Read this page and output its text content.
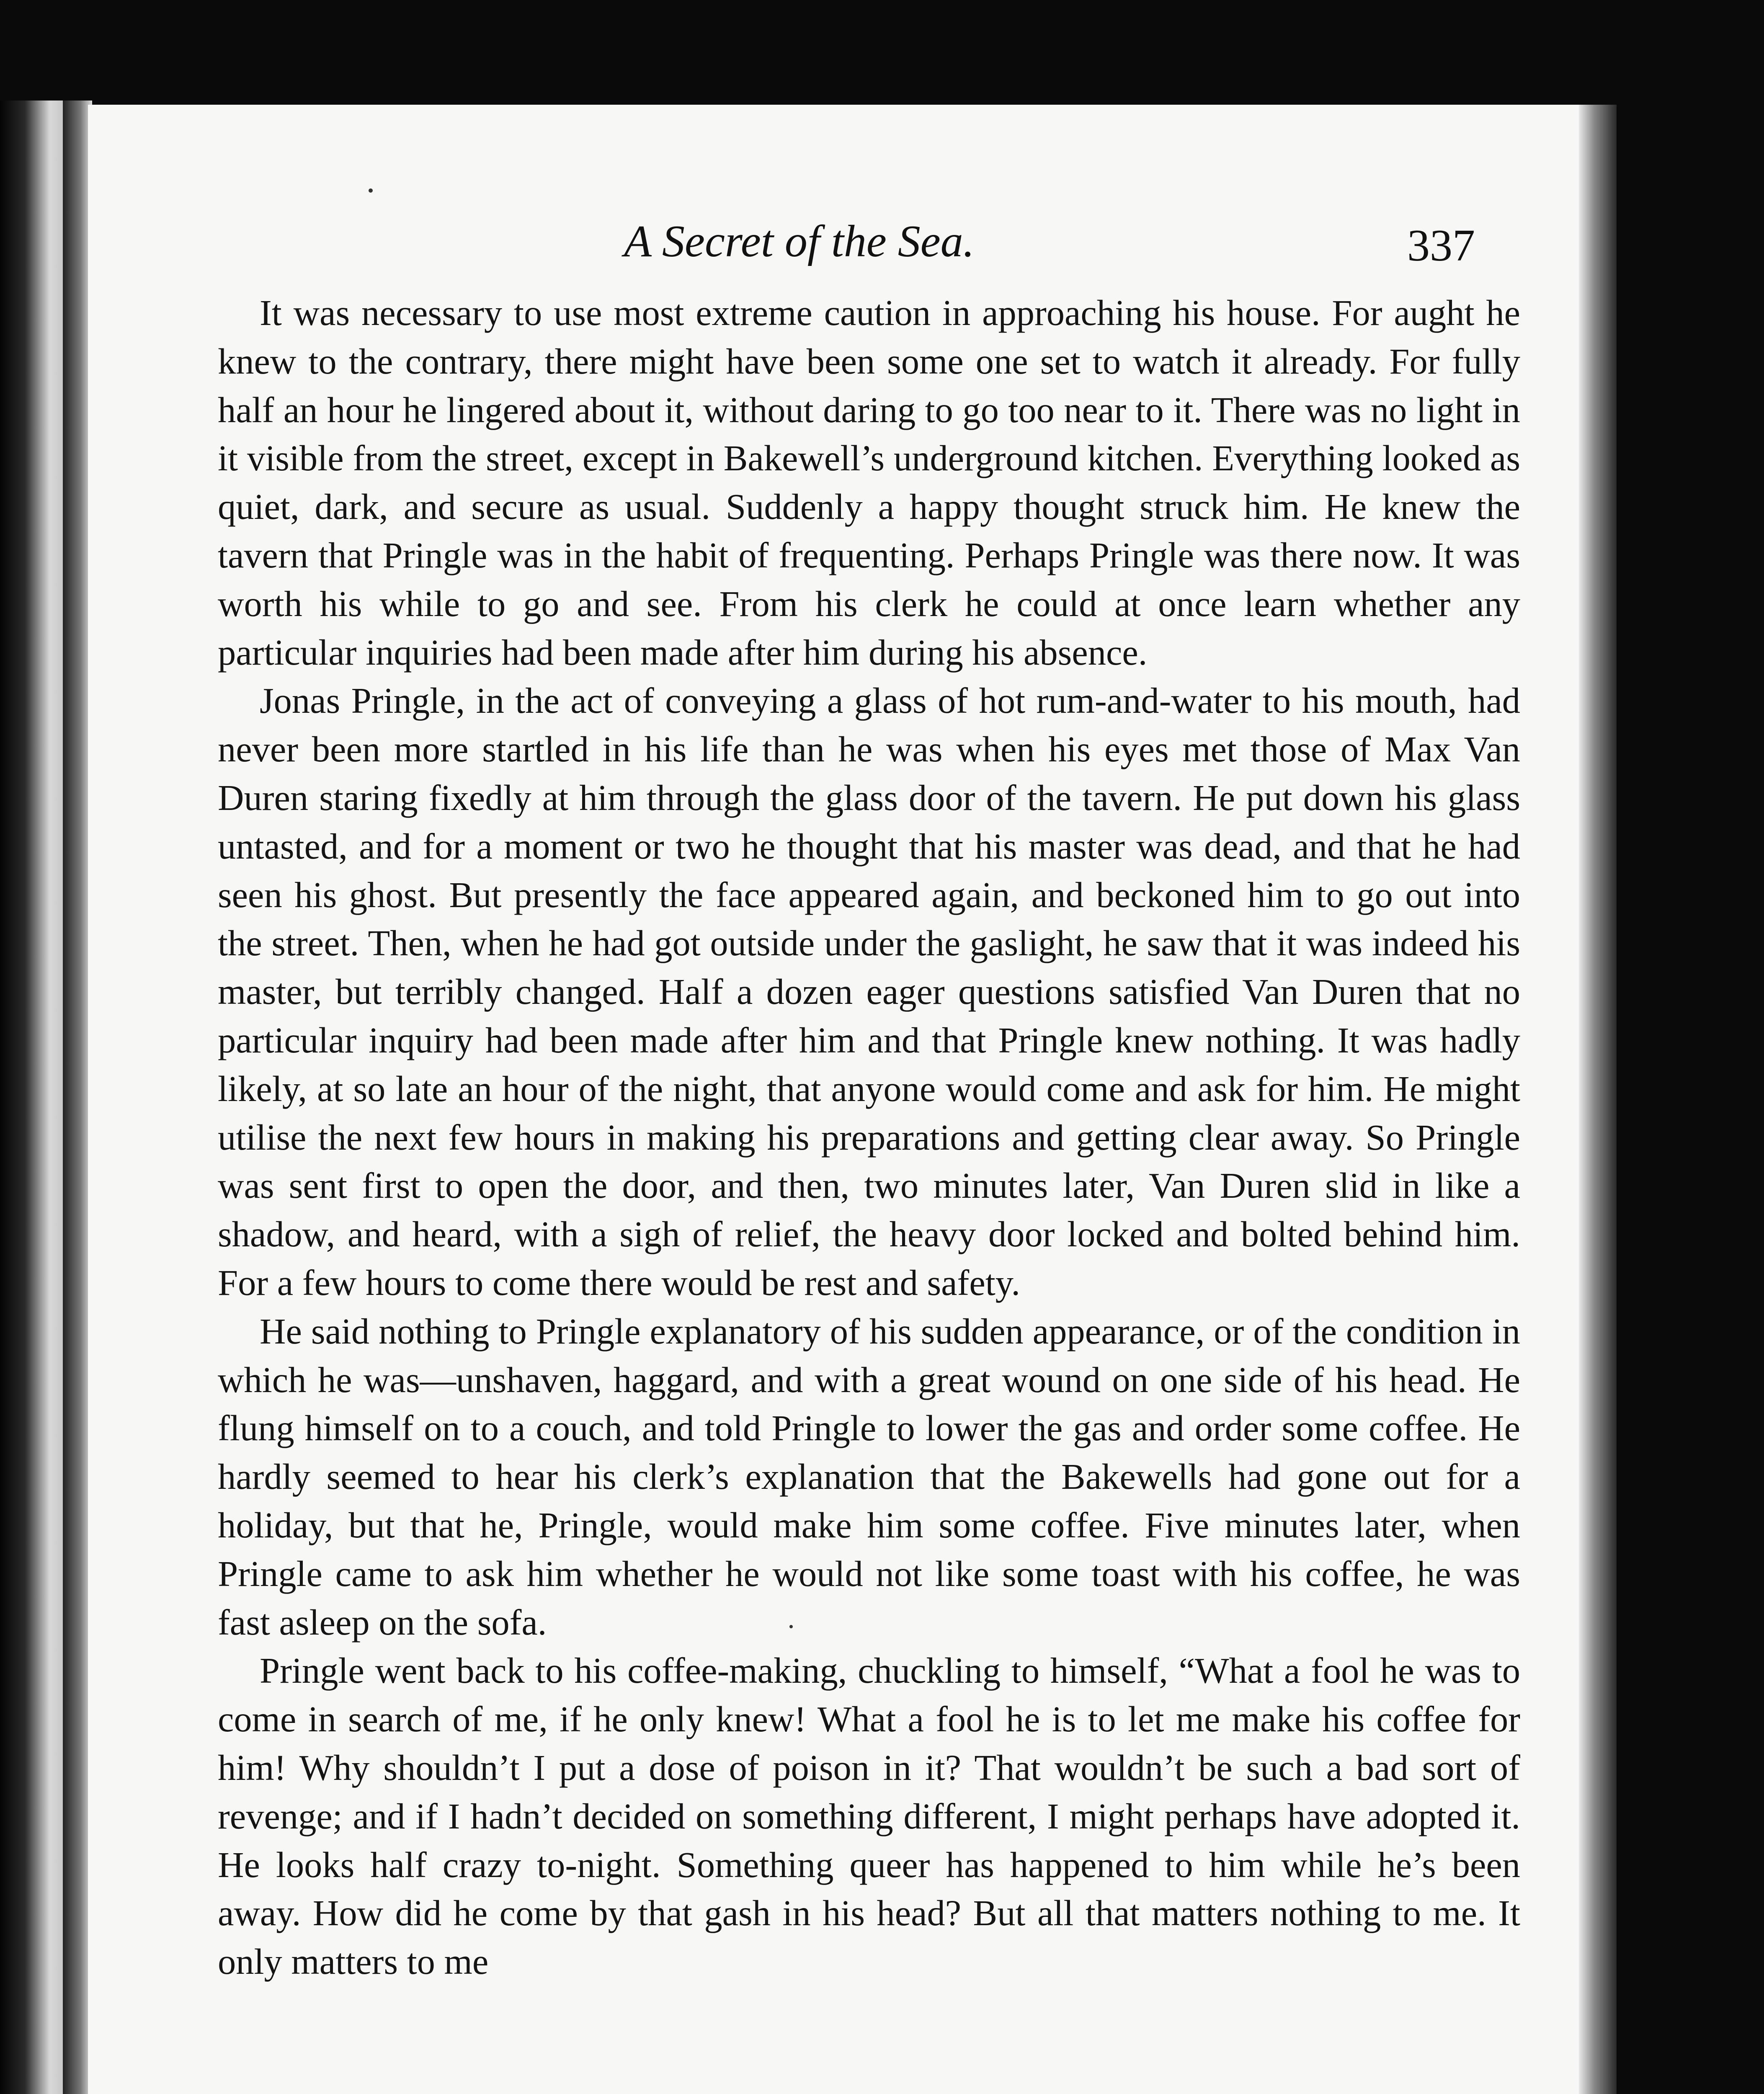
A Secret of the Sea.	337

It was necessary to use most extreme caution in approaching his house. For aught he knew to the contrary, there might have been some one set to watch it already. For fully half an hour he lingered about it, without daring to go too near to it. There was no light in it visible from the street, except in Bakewell’s underground kitchen. Everything looked as quiet, dark, and secure as usual. Suddenly a happy thought struck him. He knew the tavern that Pringle was in the habit of frequenting. Perhaps Pringle was there now. It was worth his while to go and see. From his clerk he could at once learn whether any particular inquiries had been made after him during his absence.

Jonas Pringle, in the act of conveying a glass of hot rum-and-water to his mouth, had never been more startled in his life than he was when his eyes met those of Max Van Duren staring fixedly at him through the glass door of the tavern. He put down his glass untasted, and for a moment or two he thought that his master was dead, and that he had seen his ghost. But presently the face appeared again, and beckoned him to go out into the street. Then, when he had got outside under the gaslight, he saw that it was indeed his master, but terribly changed. Half a dozen eager questions satisfied Van Duren that no particular inquiry had been made after him and that Pringle knew nothing. It was hadly likely, at so late an hour of the night, that anyone would come and ask for him. He might utilise the next few hours in making his preparations and getting clear away. So Pringle was sent first to open the door, and then, two minutes later, Van Duren slid in like a shadow, and heard, with a sigh of relief, the heavy door locked and bolted behind him. For a few hours to come there would be rest and safety.

He said nothing to Pringle explanatory of his sudden appearance, or of the condition in which he was—unshaven, haggard, and with a great wound on one side of his head. He flung himself on to a couch, and told Pringle to lower the gas and order some coffee. He hardly seemed to hear his clerk’s explanation that the Bakewells had gone out for a holiday, but that he, Pringle, would make him some coffee. Five minutes later, when Pringle came to ask him whether he would not like some toast with his coffee, he was fast asleep on the sofa.

Pringle went back to his coffee-making, chuckling to himself, “What a fool he was to come in search of me, if he only knew! What a fool he is to let me make his coffee for him! Why shouldn’t I put a dose of poison in it? That wouldn’t be such a bad sort of revenge; and if I hadn’t decided on something different, I might perhaps have adopted it. He looks half crazy to-night. Something queer has happened to him while he’s been away. How did he come by that gash in his head? But all that matters nothing to me. It only matters to me
